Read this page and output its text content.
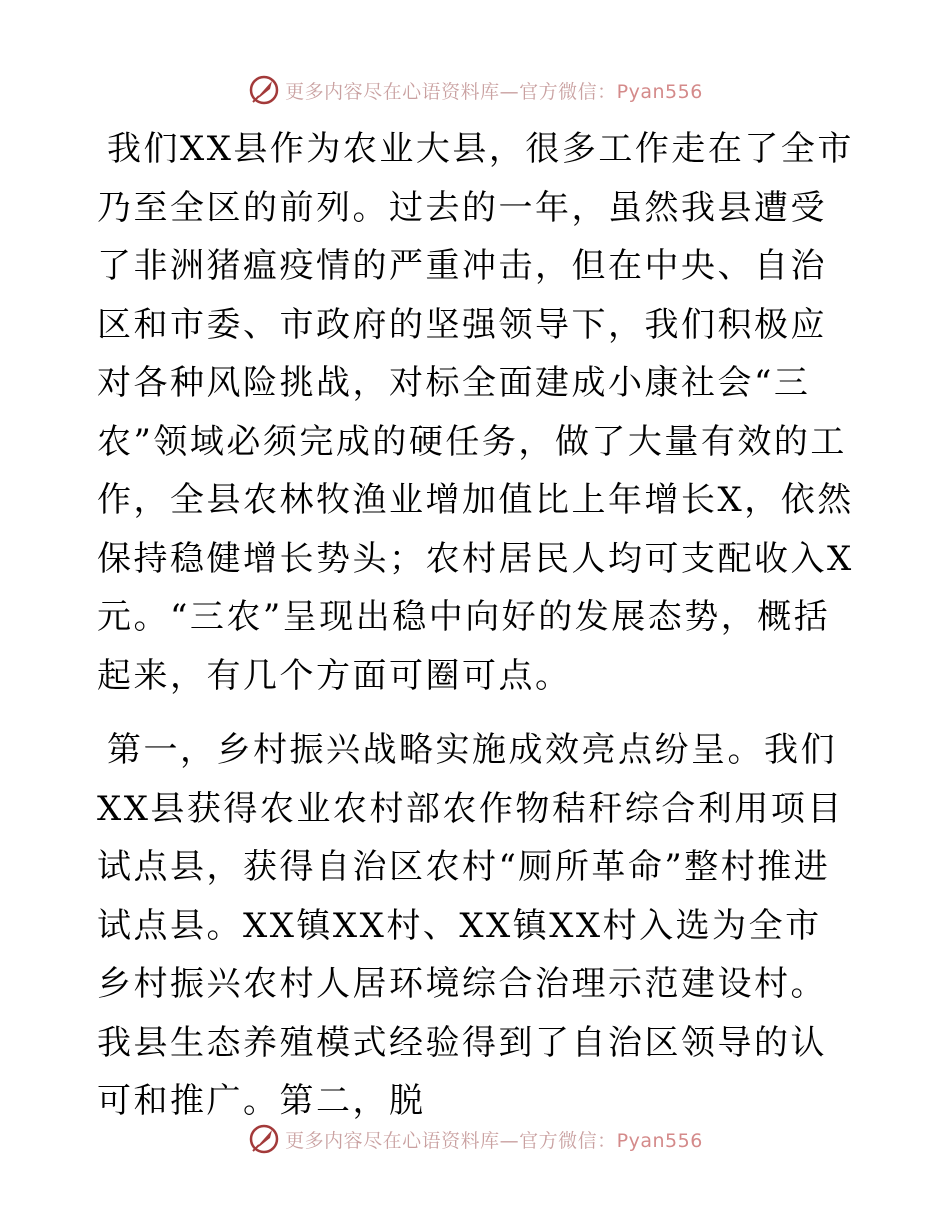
更多内容尽在心语资料库—官方微信：Pyan556

我们XX县作为农业大县，很多工作走在了全市乃至全区的前列。过去的一年，虽然我县遭受了非洲猪瘟疫情的严重冲击，但在中央、自治区和市委、市政府的坚强领导下，我们积极应对各种风险挑战，对标全面建成小康社会“三农”领域必须完成的硬任务，做了大量有效的工作，全县农林牧渔业增加值比上年增长X，依然保持稳健增长势头；农村居民人均可支配收入X元。“三农”呈现出稳中向好的发展态势，概括起来，有几个方面可圈可点。

第一，乡村振兴战略实施成效亮点纷呈。我们XX县获得农业农村部农作物秸秆综合利用项目试点县，获得自治区农村“厕所革命”整村推进试点县。XX镇XX村、XX镇XX村入选为全市乡村振兴农村人居环境综合治理示范建设村。我县生态养殖模式经验得到了自治区领导的认可和推广。第二，脱

更多内容尽在心语资料库—官方微信：Pyan556
